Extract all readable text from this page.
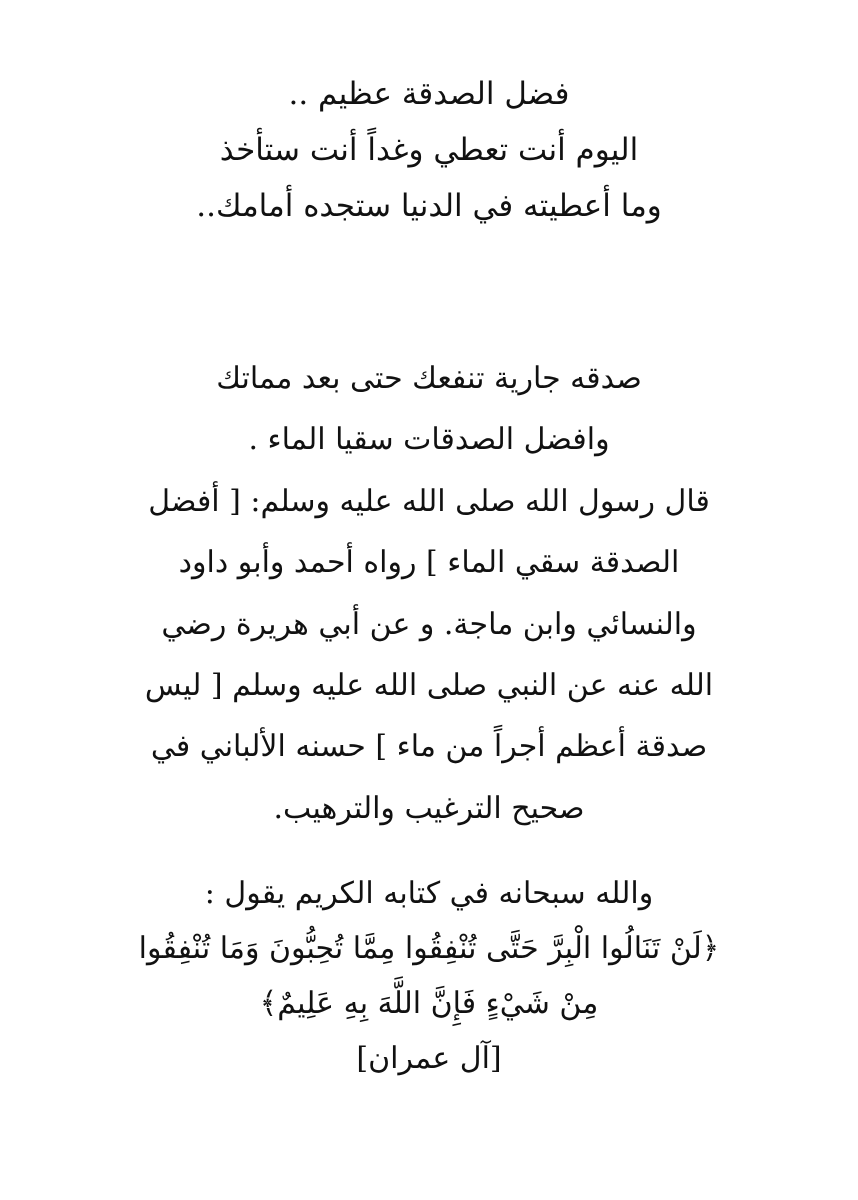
فضل الصدقة عظيم ..
اليوم أنت تعطي وغداً أنت ستأخذ
وما أعطيته في الدنيا ستجده أمامك..
صدقه جارية تنفعك حتى بعد مماتك
وافضل الصدقات سقيا الماء .
قال رسول الله صلى الله عليه وسلم: [ أفضل
الصدقة سقي الماء ] رواه أحمد وأبو داود
والنسائي وابن ماجة. و عن أبي هريرة رضي
الله عنه عن النبي صلى الله عليه وسلم [ ليس
صدقة أعظم أجراً من ماء ] حسنه الألباني في
صحيح الترغيب والترهيب.
والله سبحانه في كتابه الكريم يقول :
﴿لَنْ تَنَالُوا الْبِرَّ حَتَّى تُنْفِقُوا مِمَّا تُحِبُّونَ وَمَا تُنْفِقُوا
مِنْ شَيْءٍ فَإِنَّ اللَّهَ بِهِ عَلِيمٌ﴾
[آل عمران]
